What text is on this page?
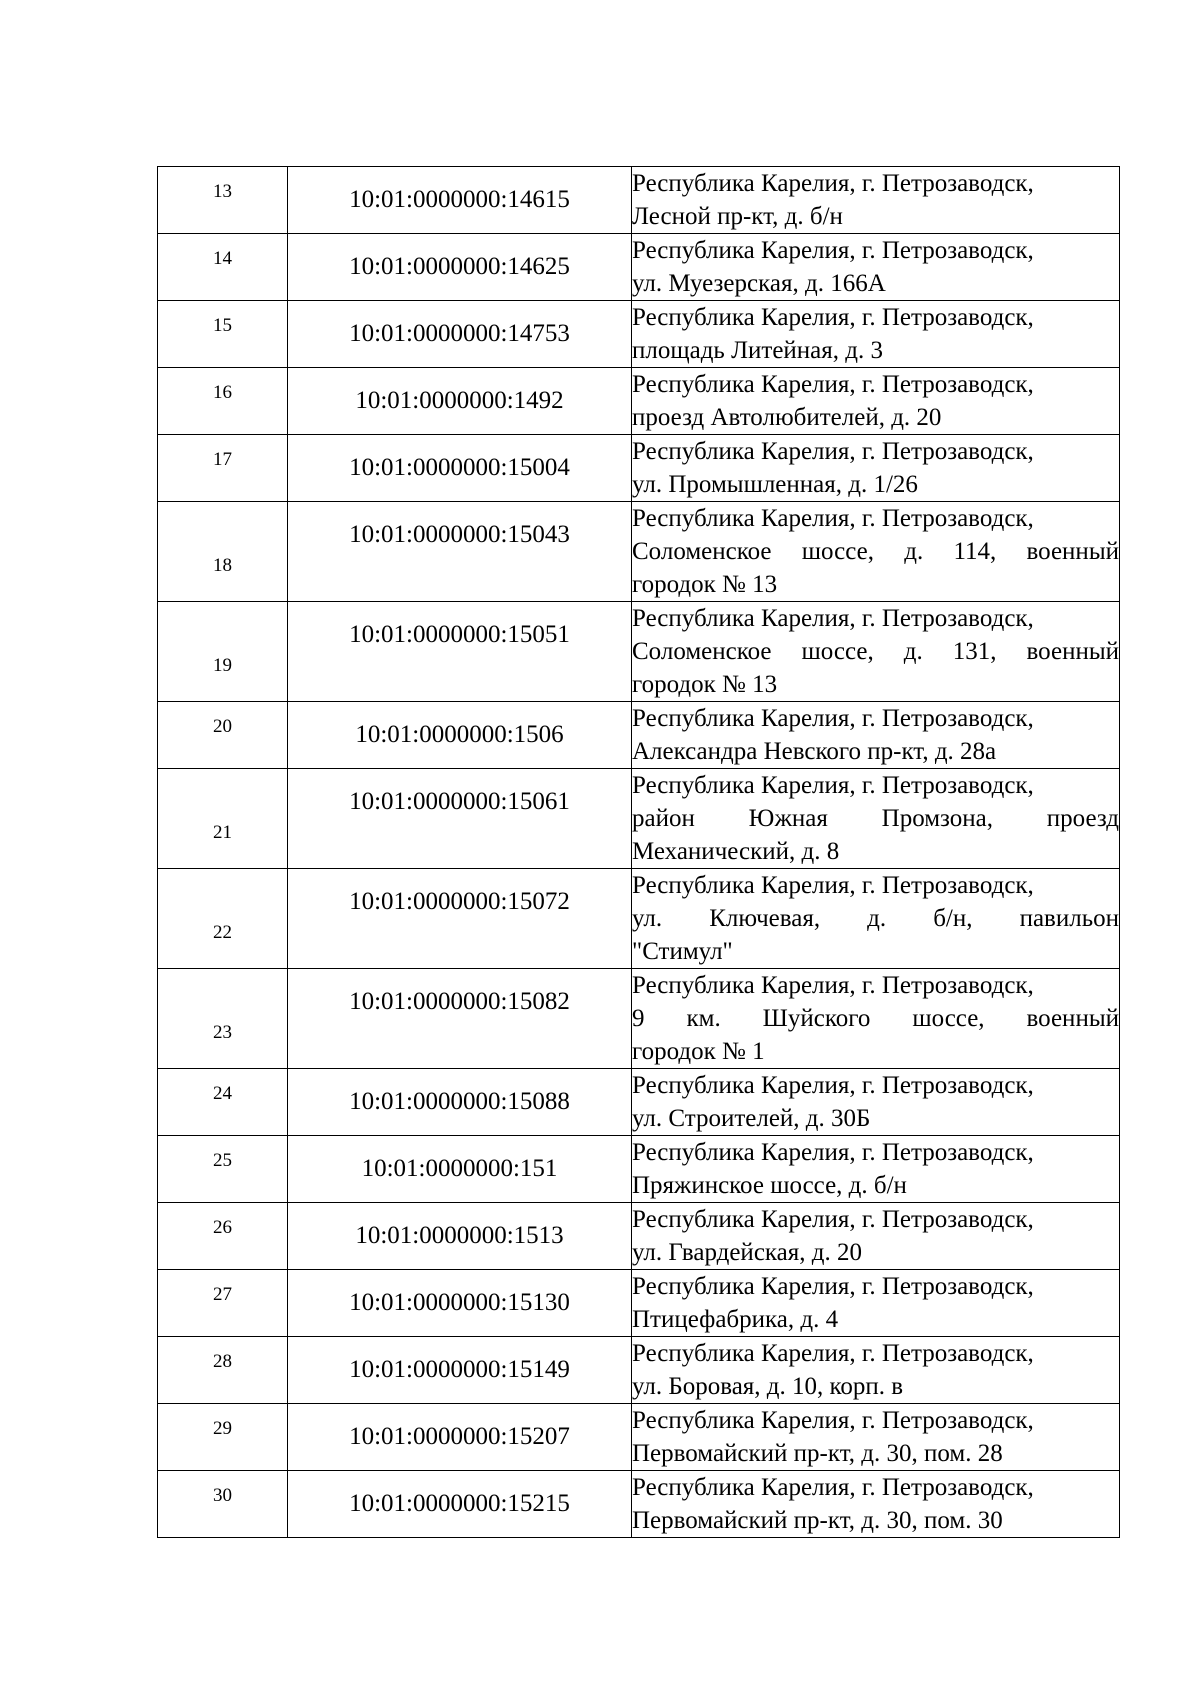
13	10:01:0000000:14615	Республика Карелия, г. Петрозаводск,
Лесной пр-кт, д. б/н

14	10:01:0000000:14625	Республика Карелия, г. Петрозаводск,
ул. Муезерская, д. 166А

15	10:01:0000000:14753	Республика Карелия, г. Петрозаводск,
площадь Литейная, д. 3

16	10:01:0000000:1492	Республика Карелия, г. Петрозаводск,
проезд Автолюбителей, д. 20

17	10:01:0000000:15004	Республика Карелия, г. Петрозаводск,
ул. Промышленная, д. 1/26

18	10:01:0000000:15043	Республика Карелия, г. Петрозаводск,
Соломенское шоссе, д. 114, военный
городок № 13

19	10:01:0000000:15051	Республика Карелия, г. Петрозаводск,
Соломенское шоссе, д. 131, военный
городок № 13

20	10:01:0000000:1506	Республика Карелия, г. Петрозаводск,
Александра Невского пр-кт, д. 28а

21	10:01:0000000:15061	Республика Карелия, г. Петрозаводск,
район Южная Промзона, проезд
Механический, д. 8

22	10:01:0000000:15072	Республика Карелия, г. Петрозаводск,
ул. Ключевая, д. б/н, павильон
"Стимул"

23	10:01:0000000:15082	Республика Карелия, г. Петрозаводск,
9 км. Шуйского шоссе, военный
городок № 1

24	10:01:0000000:15088	Республика Карелия, г. Петрозаводск,
ул. Строителей, д. 30Б

25	10:01:0000000:151	Республика Карелия, г. Петрозаводск,
Пряжинское шоссе, д. б/н

26	10:01:0000000:1513	Республика Карелия, г. Петрозаводск,
ул. Гвардейская, д. 20

27	10:01:0000000:15130	Республика Карелия, г. Петрозаводск,
Птицефабрика, д. 4

28	10:01:0000000:15149	Республика Карелия, г. Петрозаводск,
ул. Боровая, д. 10, корп. в

29	10:01:0000000:15207	Республика Карелия, г. Петрозаводск,
Первомайский пр-кт, д. 30, пом. 28

30	10:01:0000000:15215	Республика Карелия, г. Петрозаводск,
Первомайский пр-кт, д. 30, пом. 30
